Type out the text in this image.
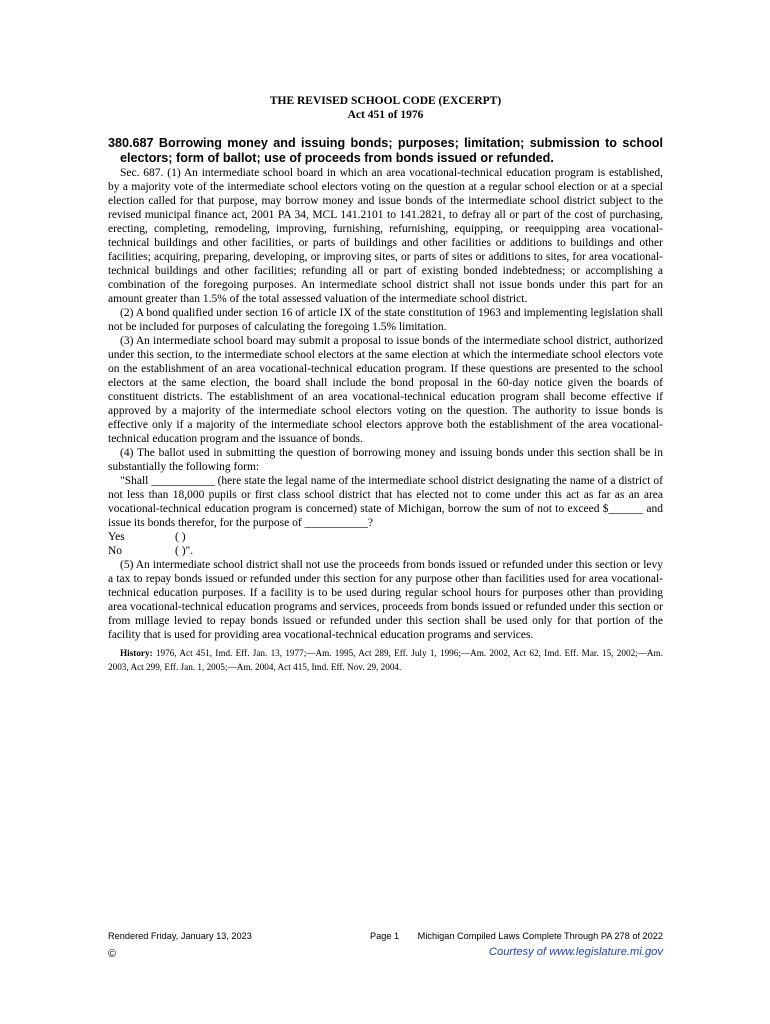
THE REVISED SCHOOL CODE (EXCERPT)
Act 451 of 1976
380.687 Borrowing money and issuing bonds; purposes; limitation; submission to school electors; form of ballot; use of proceeds from bonds issued or refunded.

Sec. 687. (1) An intermediate school board in which an area vocational-technical education program is established, by a majority vote of the intermediate school electors voting on the question at a regular school election or at a special election called for that purpose, may borrow money and issue bonds of the intermediate school district subject to the revised municipal finance act, 2001 PA 34, MCL 141.2101 to 141.2821, to defray all or part of the cost of purchasing, erecting, completing, remodeling, improving, furnishing, refurnishing, equipping, or reequipping area vocational-technical buildings and other facilities, or parts of buildings and other facilities or additions to buildings and other facilities; acquiring, preparing, developing, or improving sites, or parts of sites or additions to sites, for area vocational-technical buildings and other facilities; refunding all or part of existing bonded indebtedness; or accomplishing a combination of the foregoing purposes. An intermediate school district shall not issue bonds under this part for an amount greater than 1.5% of the total assessed valuation of the intermediate school district.

(2) A bond qualified under section 16 of article IX of the state constitution of 1963 and implementing legislation shall not be included for purposes of calculating the foregoing 1.5% limitation.

(3) An intermediate school board may submit a proposal to issue bonds of the intermediate school district, authorized under this section, to the intermediate school electors at the same election at which the intermediate school electors vote on the establishment of an area vocational-technical education program. If these questions are presented to the school electors at the same election, the board shall include the bond proposal in the 60-day notice given the boards of constituent districts. The establishment of an area vocational-technical education program shall become effective if approved by a majority of the intermediate school electors voting on the question. The authority to issue bonds is effective only if a majority of the intermediate school electors approve both the establishment of the area vocational-technical education program and the issuance of bonds.

(4) The ballot used in submitting the question of borrowing money and issuing bonds under this section shall be in substantially the following form:

"Shall ___________ (here state the legal name of the intermediate school district designating the name of a district of not less than 18,000 pupils or first class school district that has elected not to come under this act as far as an area vocational-technical education program is concerned) state of Michigan, borrow the sum of not to exceed $______ and issue its bonds therefor, for the purpose of ___________?

Yes	( )
No	( )".

(5) An intermediate school district shall not use the proceeds from bonds issued or refunded under this section or levy a tax to repay bonds issued or refunded under this section for any purpose other than facilities used for area vocational-technical education purposes. If a facility is to be used during regular school hours for purposes other than providing area vocational-technical education programs and services, proceeds from bonds issued or refunded under this section or from millage levied to repay bonds issued or refunded under this section shall be used only for that portion of the facility that is used for providing area vocational-technical education programs and services.

History: 1976, Act 451, Imd. Eff. Jan. 13, 1977;—Am. 1995, Act 289, Eff. July 1, 1996;—Am. 2002, Act 62, Imd. Eff. Mar. 15, 2002;—Am. 2003, Act 299, Eff. Jan. 1, 2005;—Am. 2004, Act 415, Imd. Eff. Nov. 29, 2004.
Rendered Friday, January 13, 2023	Page 1 Michigan Compiled Laws Complete Through PA 278 of 2022
©	Courtesy of www.legislature.mi.gov
